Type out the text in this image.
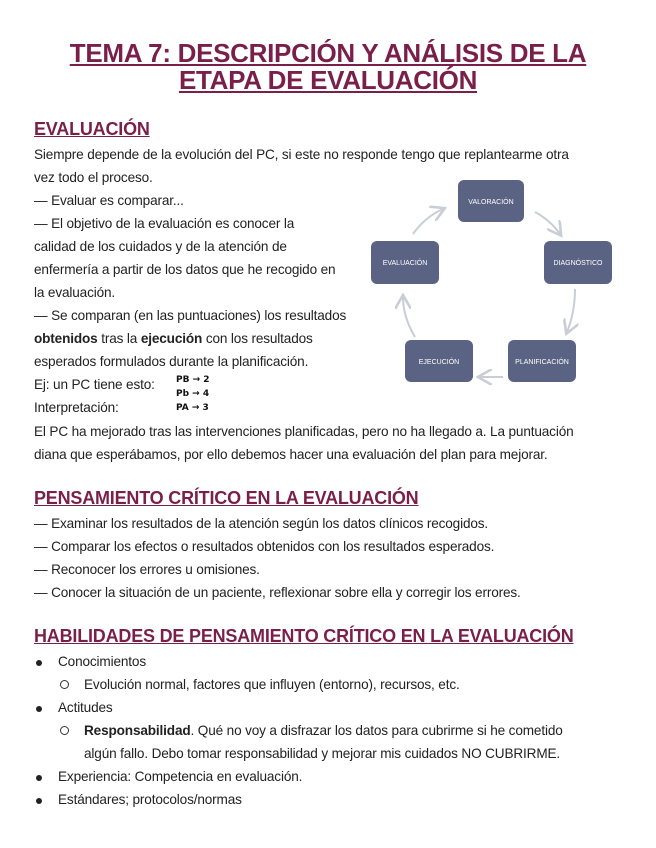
TEMA 7: DESCRIPCIÓN Y ANÁLISIS DE LA
ETAPA DE EVALUACIÓN
EVALUACIÓN
Siempre depende de la evolución del PC, si este no responde tengo que replantearme otra
vez todo el proceso.
— Evaluar es comparar...
— El objetivo de la evaluación es conocer la
calidad de los cuidados y de la atención de
enfermería a partir de los datos que he recogido en
la evaluación.
— Se comparan (en las puntuaciones) los resultados
obtenidos tras la ejecución con los resultados
esperados formulados durante la planificación.
Ej: un PC tiene esto:
Interpretación:
PB → 2
Pb → 4
PA → 3
El PC ha mejorado tras las intervenciones planificadas, pero no ha llegado a. La puntuación
diana que esperábamos, por ello debemos hacer una evaluación del plan para mejorar.
VALORACIÓN
DIAGNÓSTICO
PLANIFICACIÓN
EJECUCIÓN
EVALUACIÓN
PENSAMIENTO CRÍTICO EN LA EVALUACIÓN
— Examinar los resultados de la atención según los datos clínicos recogidos.
— Comparar los efectos o resultados obtenidos con los resultados esperados.
— Reconocer los errores u omisiones.
— Conocer la situación de un paciente, reflexionar sobre ella y corregir los errores.
HABILIDADES DE PENSAMIENTO CRÍTICO EN LA EVALUACIÓN
Conocimientos
Evolución normal, factores que influyen (entorno), recursos, etc.
Actitudes
Responsabilidad. Qué no voy a disfrazar los datos para cubrirme si he cometido
algún fallo. Debo tomar responsabilidad y mejorar mis cuidados NO CUBRIRME.
Experiencia: Competencia en evaluación.
Estándares; protocolos/normas
